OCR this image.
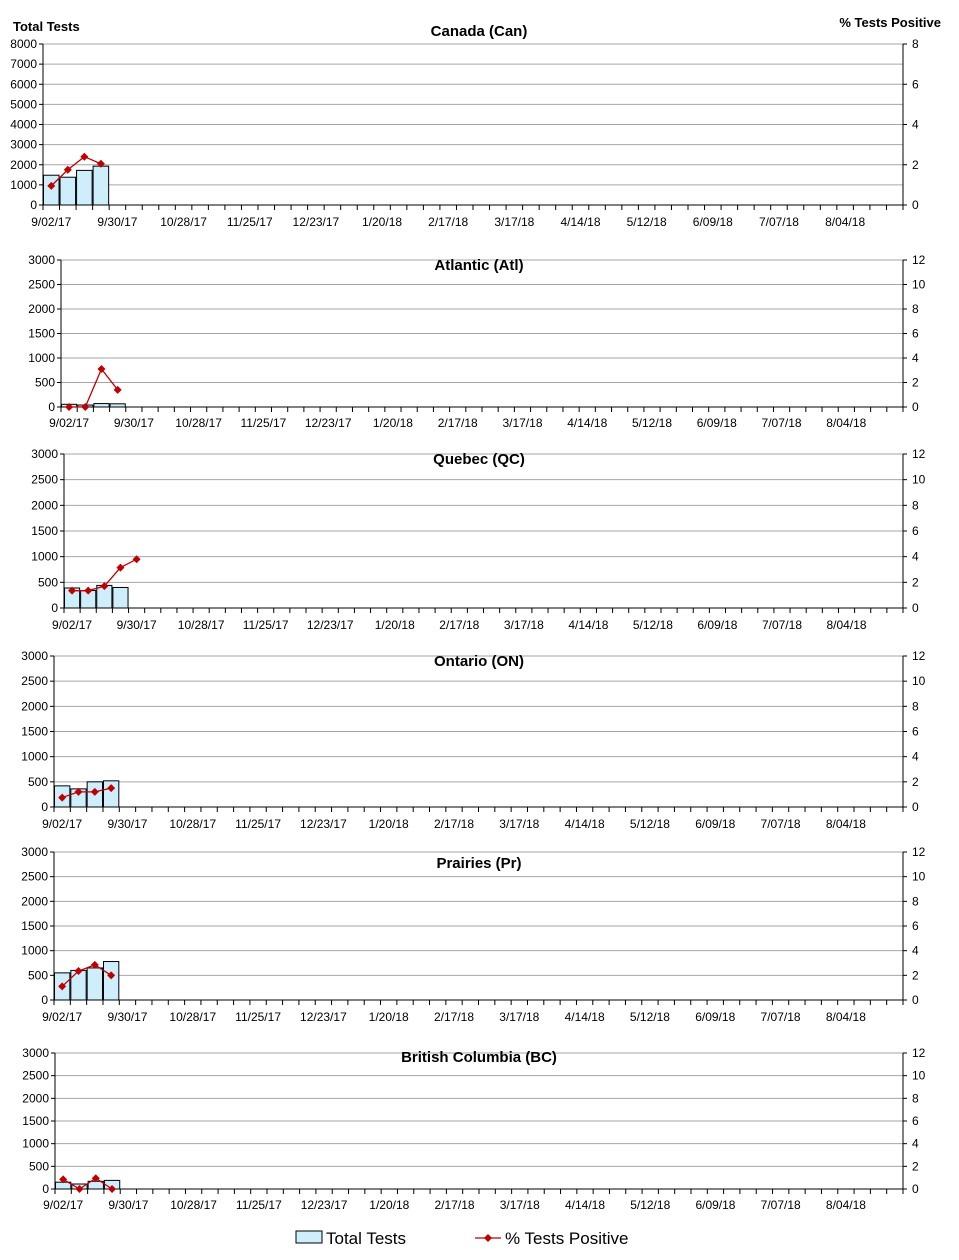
Total Tests	% Tests Positive
0
1000
2000
3000
4000
5000
6000
7000
8000
0
2
4
6
8
9/02/17 9/30/17 10/28/17 11/25/17 12/23/17 1/20/18 2/17/18 3/17/18 4/14/18 5/12/18 6/09/18 7/07/18 8/04/18
Canada (Can)
0
500
1000
1500
2000
2500
3000
0
2
4
6
8
10
12
9/02/17 9/30/17 10/28/17 11/25/17 12/23/17 1/20/18 2/17/18 3/17/18 4/14/18 5/12/18 6/09/18 7/07/18 8/04/18
Atlantic (Atl)
0
500
1000
1500
2000
2500
3000
0
2
4
6
8
10
12
9/02/17 9/30/17 10/28/17 11/25/17 12/23/17 1/20/18 2/17/18 3/17/18 4/14/18 5/12/18 6/09/18 7/07/18 8/04/18
Quebec (QC)
0
500
1000
1500
2000
2500
3000
0
2
4
6
8
10
12
9/02/17 9/30/17 10/28/17 11/25/17 12/23/17 1/20/18 2/17/18 3/17/18 4/14/18 5/12/18 6/09/18 7/07/18 8/04/18
Ontario (ON)
0
500
1000
1500
2000
2500
3000
0
2
4
6
8
10
12
9/02/17 9/30/17 10/28/17 11/25/17 12/23/17 1/20/18 2/17/18 3/17/18 4/14/18 5/12/18 6/09/18 7/07/18 8/04/18
Prairies (Pr)
0
500
1000
1500
2000
2500
3000
0
2
4
6
8
10
12
9/02/17 9/30/17 10/28/17 11/25/17 12/23/17 1/20/18 2/17/18 3/17/18 4/14/18 5/12/18 6/09/18 7/07/18 8/04/18
British Columbia (BC)
Total Tests	% Tests Positive
